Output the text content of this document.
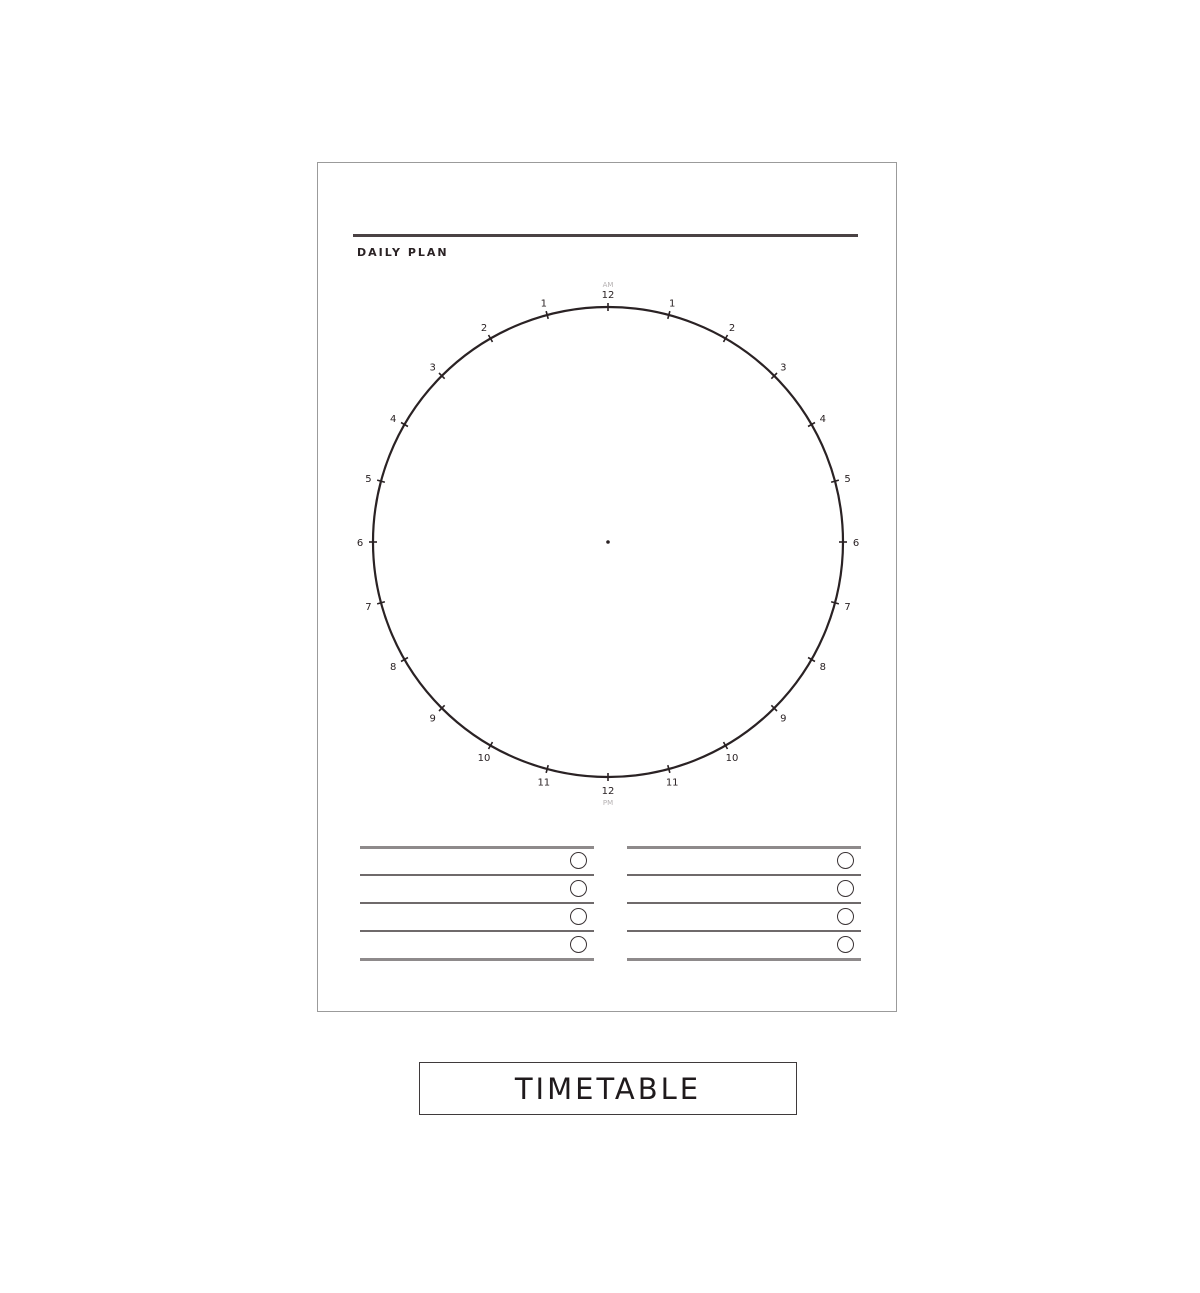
DAILY PLAN
AM
PM
12
1
2
3
4
5
6
7
8
9
10
11
12
11
10
9
8
7
6
5
4
3
2
1
TIMETABLE
